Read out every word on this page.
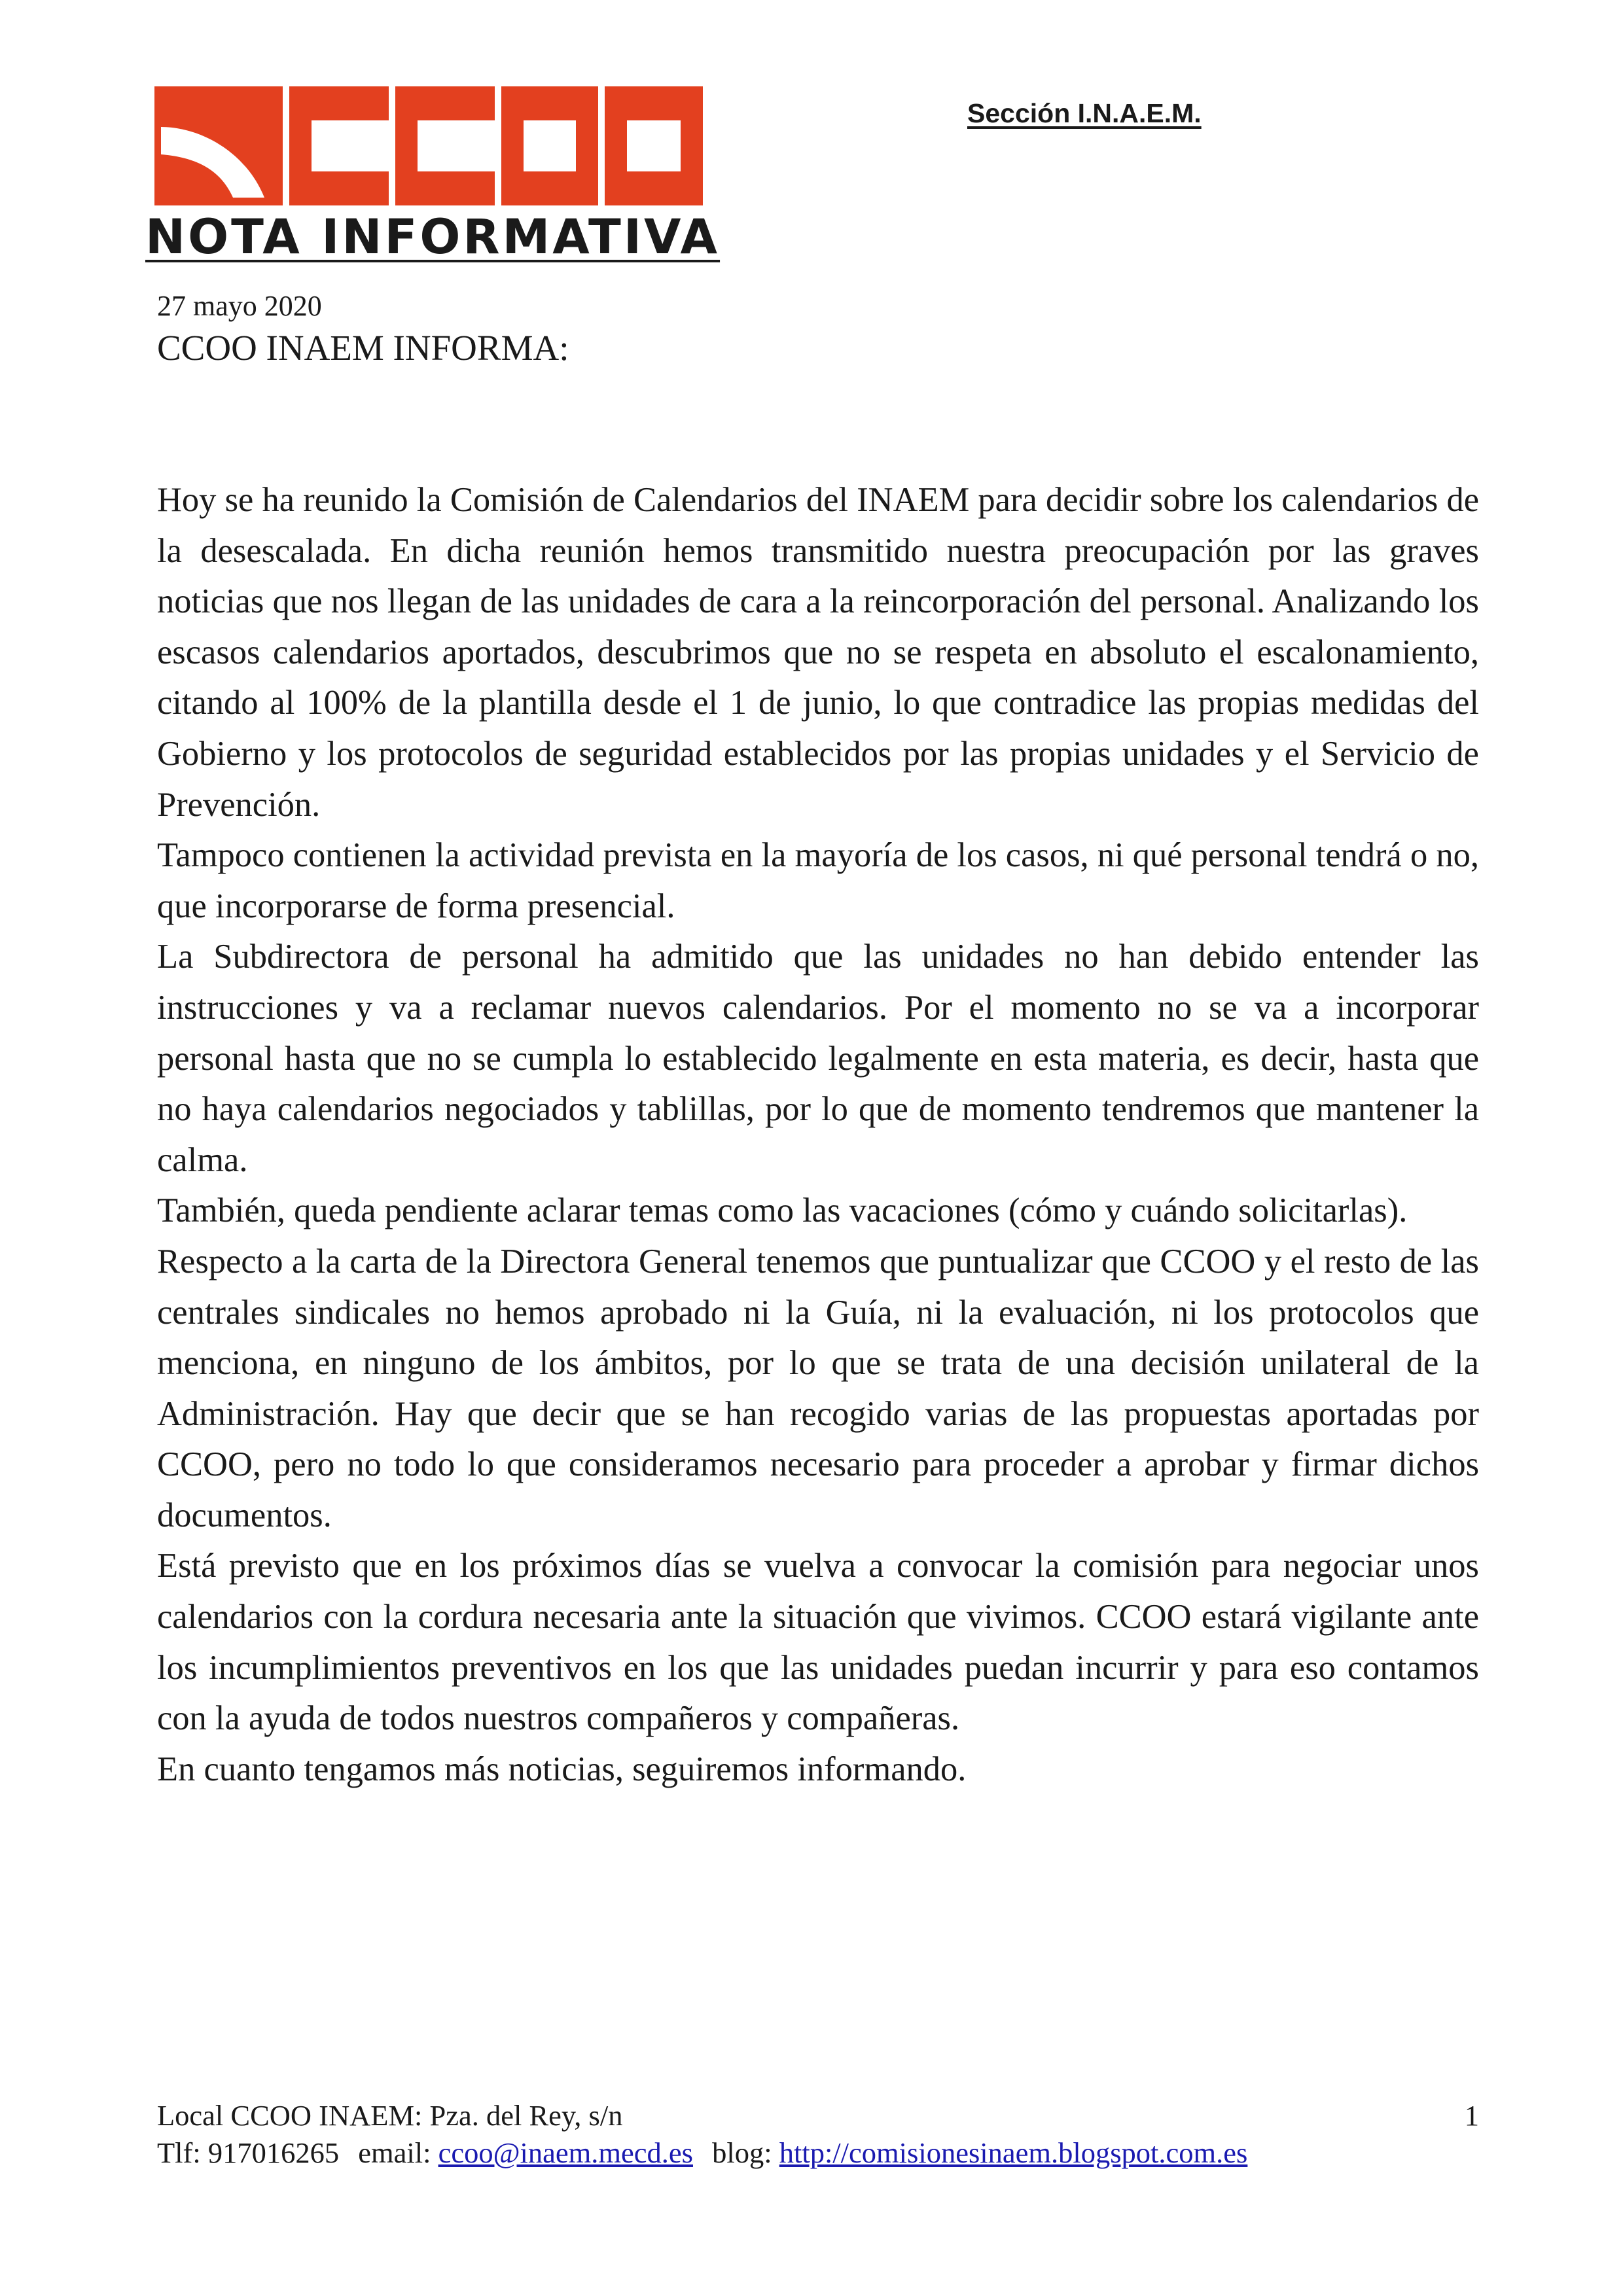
Sección I.N.A.E.M.
NOTA INFORMATIVA
27 mayo 2020
CCOO INAEM INFORMA:

Hoy se ha reunido la Comisión de Calendarios del INAEM para decidir sobre los calendarios de la desescalada. En dicha reunión hemos transmitido nuestra preocupación por las graves noticias que nos llegan de las unidades de cara a la reincorporación del personal. Analizando los escasos calendarios aportados, descubrimos que no se respeta en absoluto el escalonamiento, citando al 100% de la plantilla desde el 1 de junio, lo que contradice las propias medidas del Gobierno y los protocolos de seguridad establecidos por las propias unidades y el Servicio de Prevención.

Tampoco contienen la actividad prevista en la mayoría de los casos, ni qué personal tendrá o no, que incorporarse de forma presencial.

La Subdirectora de personal ha admitido que las unidades no han debido entender las instrucciones y va a reclamar nuevos calendarios. Por el momento no se va a incorporar personal hasta que no se cumpla lo establecido legalmente en esta materia, es decir, hasta que no haya calendarios negociados y tablillas, por lo que de momento tendremos que mantener la calma.

También, queda pendiente aclarar temas como las vacaciones (cómo y cuándo solicitarlas).

Respecto a la carta de la Directora General tenemos que puntualizar que CCOO y el resto de las centrales sindicales no hemos aprobado ni la Guía, ni la evaluación, ni los protocolos que menciona, en ninguno de los ámbitos, por lo que se trata de una decisión unilateral de la Administración. Hay que decir que se han recogido varias de las propuestas aportadas por CCOO, pero no todo lo que consideramos necesario para proceder a aprobar y firmar dichos documentos.

Está previsto que en los próximos días se vuelva a convocar la comisión para negociar unos calendarios con la cordura necesaria ante la situación que vivimos. CCOO estará vigilante ante los incumplimientos preventivos en los que las unidades puedan incurrir y para eso contamos con la ayuda de todos nuestros compañeros y compañeras.

En cuanto tengamos más noticias, seguiremos informando.

Local CCOO INAEM: Pza. del Rey, s/n	1
Tlf: 917016265 email: ccoo@inaem.mecd.es blog: http://comisionesinaem.blogspot.com.es
